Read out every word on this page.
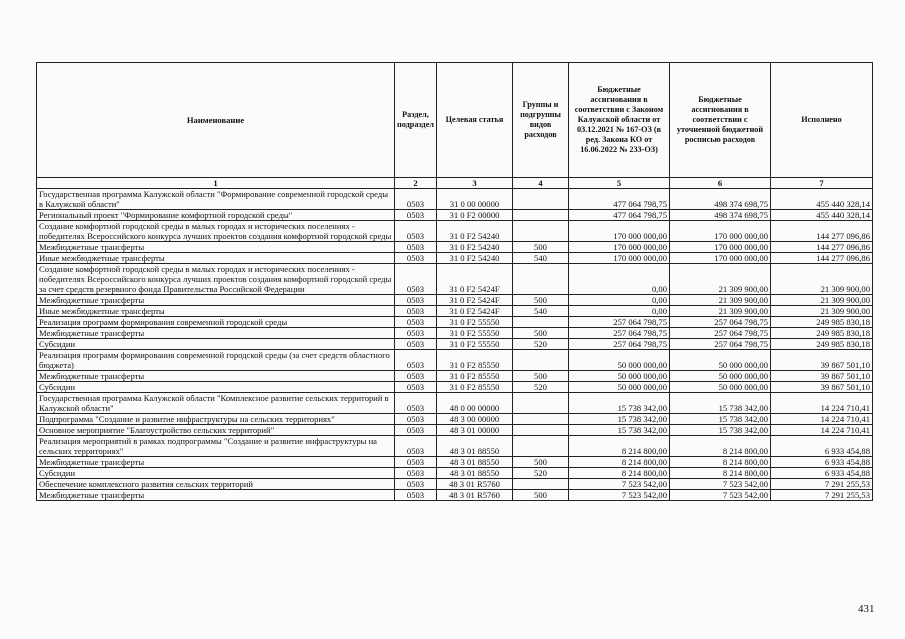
Наименование	Раздел, подраздел	Целевая статья	Группы и подгруппы видов расходов	Бюджетные ассигнования в соответствии с Законом Калужской области от 03.12.2021 № 167-ОЗ (в ред. Закона КО от 16.06.2022 № 233-ОЗ)	Бюджетные ассигнования в соответствии с уточненной бюджетной росписью расходов	Исполнено
1	2	3	4	5	6	7
Государственная программа Калужской области "Формирование современной городской среды в Калужской области"	0503	31 0 00 00000		477 064 798,75	498 374 698,75	455 440 328,14
Региональный проект "Формирование комфортной городской среды"	0503	31 0 F2 00000		477 064 798,75	498 374 698,75	455 440 328,14
Создание комфортной городской среды в малых городах и исторических поселениях - победителях Всероссийского конкурса лучших проектов создания комфортной городской среды	0503	31 0 F2 54240		170 000 000,00	170 000 000,00	144 277 096,86
Межбюджетные трансферты	0503	31 0 F2 54240	500	170 000 000,00	170 000 000,00	144 277 096,86
Иные межбюджетные трансферты	0503	31 0 F2 54240	540	170 000 000,00	170 000 000,00	144 277 096,86
Создание комфортной городской среды в малых городах и исторических поселениях - победителях Всероссийского конкурса лучших проектов создания комфортной городской среды за счет средств резервного фонда Правительства Российской Федерации	0503	31 0 F2 5424F		0,00	21 309 900,00	21 309 900,00
Межбюджетные трансферты	0503	31 0 F2 5424F	500	0,00	21 309 900,00	21 309 900,00
Иные межбюджетные трансферты	0503	31 0 F2 5424F	540	0,00	21 309 900,00	21 309 900,00
Реализация программ формирования современной городской среды	0503	31 0 F2 55550		257 064 798,75	257 064 798,75	249 985 830,18
Межбюджетные трансферты	0503	31 0 F2 55550	500	257 064 798,75	257 064 798,75	249 985 830,18
Субсидии	0503	31 0 F2 55550	520	257 064 798,75	257 064 798,75	249 985 830,18
Реализация программ формирования современной городской среды (за счет средств областного бюджета)	0503	31 0 F2 85550		50 000 000,00	50 000 000,00	39 867 501,10
Межбюджетные трансферты	0503	31 0 F2 85550	500	50 000 000,00	50 000 000,00	39 867 501,10
Субсидии	0503	31 0 F2 85550	520	50 000 000,00	50 000 000,00	39 867 501,10
Государственная программа Калужской области "Комплексное развитие сельских территорий в Калужской области"	0503	48 0 00 00000		15 738 342,00	15 738 342,00	14 224 710,41
Подпрограмма "Создание и развитие инфраструктуры на сельских территориях"	0503	48 3 00 00000		15 738 342,00	15 738 342,00	14 224 710,41
Основное мероприятие "Благоустройство сельских территорий"	0503	48 3 01 00000		15 738 342,00	15 738 342,00	14 224 710,41
Реализация мероприятий в рамках подпрограммы "Создание и развитие инфраструктуры на сельских территориях"	0503	48 3 01 88550		8 214 800,00	8 214 800,00	6 933 454,88
Межбюджетные трансферты	0503	48 3 01 88550	500	8 214 800,00	8 214 800,00	6 933 454,88
Субсидии	0503	48 3 01 88550	520	8 214 800,00	8 214 800,00	6 933 454,88
Обеспечение комплексного развития сельских территорий	0503	48 3 01 R5760		7 523 542,00	7 523 542,00	7 291 255,53
Межбюджетные трансферты	0503	48 3 01 R5760	500	7 523 542,00	7 523 542,00	7 291 255,53
431
